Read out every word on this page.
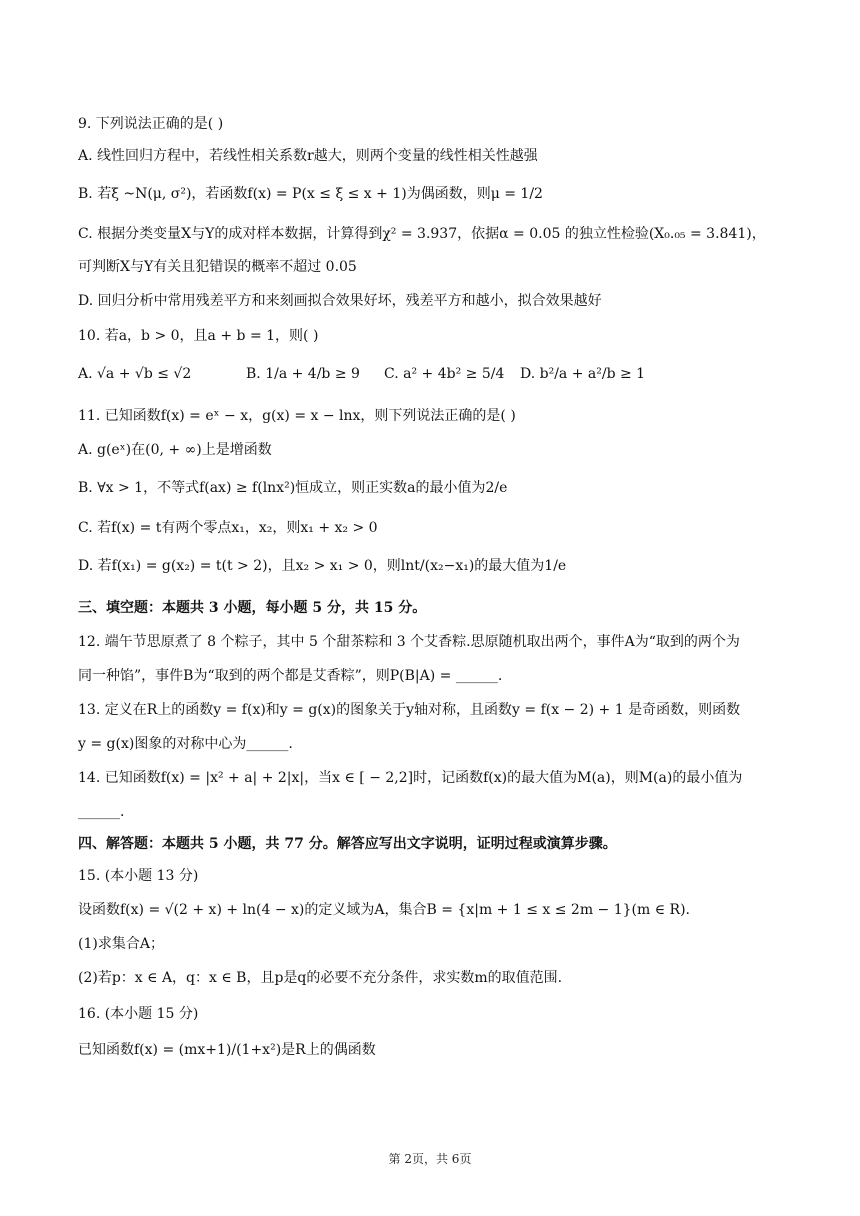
9. 下列说法正确的是( )
A. 线性回归方程中，若线性相关系数r越大，则两个变量的线性相关性越强
B. 若ξ ~N(μ, σ²)，若函数f(x) = P(x ≤ ξ ≤ x + 1)为偶函数，则μ = 1/2
C. 根据分类变量X与Y的成对样本数据，计算得到χ² = 3.937，依据α = 0.05 的独立性检验(X₀.₀₅ = 3.841)，
可判断X与Y有关且犯错误的概率不超过 0.05
D. 回归分析中常用残差平方和来刻画拟合效果好坏，残差平方和越小，拟合效果越好
10. 若a，b > 0，且a + b = 1，则( )
A. √a + √b ≤ √2	B. 1/a + 4/b ≥ 9 C. a² + 4b² ≥ 5/4 D. b²/a + a²/b ≥ 1
11. 已知函数f(x) = eˣ − x，g(x) = x − lnx，则下列说法正确的是( )
A. g(eˣ)在(0, + ∞)上是增函数
B. ∀x > 1，不等式f(ax) ≥ f(lnx²)恒成立，则正实数a的最小值为2/e
C. 若f(x) = t有两个零点x₁，x₂，则x₁ + x₂ > 0
D. 若f(x₁) = g(x₂) = t(t > 2)，且x₂ > x₁ > 0，则lnt/(x₂−x₁)的最大值为1/e
三、填空题：本题共 3 小题，每小题 5 分，共 15 分。
12. 端午节思原煮了 8 个粽子，其中 5 个甜茶粽和 3 个艾香粽.思原随机取出两个，事件A为“取到的两个为
同一种馅”，事件B为“取到的两个都是艾香粽”，则P(B|A) = ______.
13. 定义在R上的函数y = f(x)和y = g(x)的图象关于y轴对称，且函数y = f(x − 2) + 1 是奇函数，则函数
y = g(x)图象的对称中心为______.
14. 已知函数f(x) = |x² + a| + 2|x|，当x ∈ [ − 2,2]时，记函数f(x)的最大值为M(a)，则M(a)的最小值为
______.
四、解答题：本题共 5 小题，共 77 分。解答应写出文字说明，证明过程或演算步骤。
15. (本小题 13 分)
设函数f(x) = √(2 + x) + ln(4 − x)的定义域为A，集合B = {x|m + 1 ≤ x ≤ 2m − 1}(m ∈ R).
(1)求集合A；
(2)若p：x ∈ A，q：x ∈ B，且p是q的必要不充分条件，求实数m的取值范围.
16. (本小题 15 分)
已知函数f(x) = (mx+1)/(1+x²)是R上的偶函数
第 2页，共 6页
